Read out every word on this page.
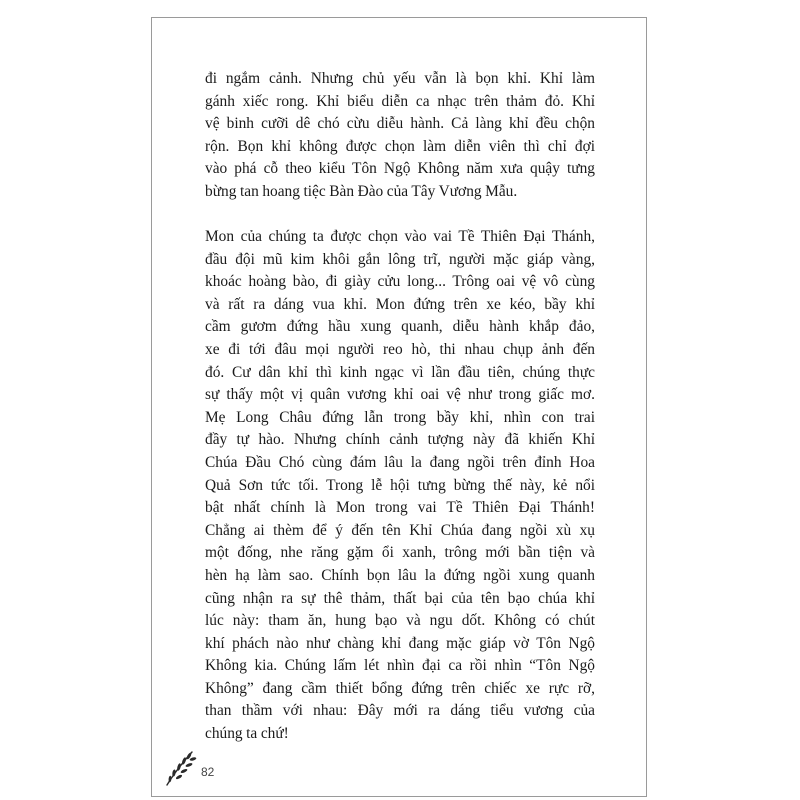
đi ngắm cảnh. Nhưng chủ yếu vẫn là bọn khỉ. Khỉ làm
gánh xiếc rong. Khỉ biểu diễn ca nhạc trên thảm đỏ. Khỉ
vệ binh cưỡi dê chó cừu diễu hành. Cả làng khỉ đều chộn
rộn. Bọn khỉ không được chọn làm diễn viên thì chỉ đợi
vào phá cỗ theo kiểu Tôn Ngộ Không năm xưa quậy tưng
bừng tan hoang tiệc Bàn Đào của Tây Vương Mẫu.
Mon của chúng ta được chọn vào vai Tề Thiên Đại Thánh,
đầu đội mũ kim khôi gắn lông trĩ, người mặc giáp vàng,
khoác hoàng bào, đi giày cửu long... Trông oai vệ vô cùng
và rất ra dáng vua khỉ. Mon đứng trên xe kéo, bầy khỉ
cầm gươm đứng hầu xung quanh, diễu hành khắp đảo,
xe đi tới đâu mọi người reo hò, thi nhau chụp ảnh đến
đó. Cư dân khỉ thì kinh ngạc vì lần đầu tiên, chúng thực
sự thấy một vị quân vương khỉ oai vệ như trong giấc mơ.
Mẹ Long Châu đứng lẫn trong bầy khỉ, nhìn con trai
đầy tự hào. Nhưng chính cảnh tượng này đã khiến Khỉ
Chúa Đầu Chó cùng đám lâu la đang ngồi trên đỉnh Hoa
Quả Sơn tức tối. Trong lễ hội tưng bừng thế này, kẻ nổi
bật nhất chính là Mon trong vai Tề Thiên Đại Thánh!
Chẳng ai thèm để ý đến tên Khỉ Chúa đang ngồi xù xụ
một đống, nhe răng gặm ổi xanh, trông mới bần tiện và
hèn hạ làm sao. Chính bọn lâu la đứng ngồi xung quanh
cũng nhận ra sự thê thảm, thất bại của tên bạo chúa khỉ
lúc này: tham ăn, hung bạo và ngu dốt. Không có chút
khí phách nào như chàng khỉ đang mặc giáp vờ Tôn Ngộ
Không kia. Chúng lấm lét nhìn đại ca rồi nhìn “Tôn Ngộ
Không” đang cầm thiết bổng đứng trên chiếc xe rực rỡ,
than thầm với nhau: Đây mới ra dáng tiểu vương của
chúng ta chứ!
82
